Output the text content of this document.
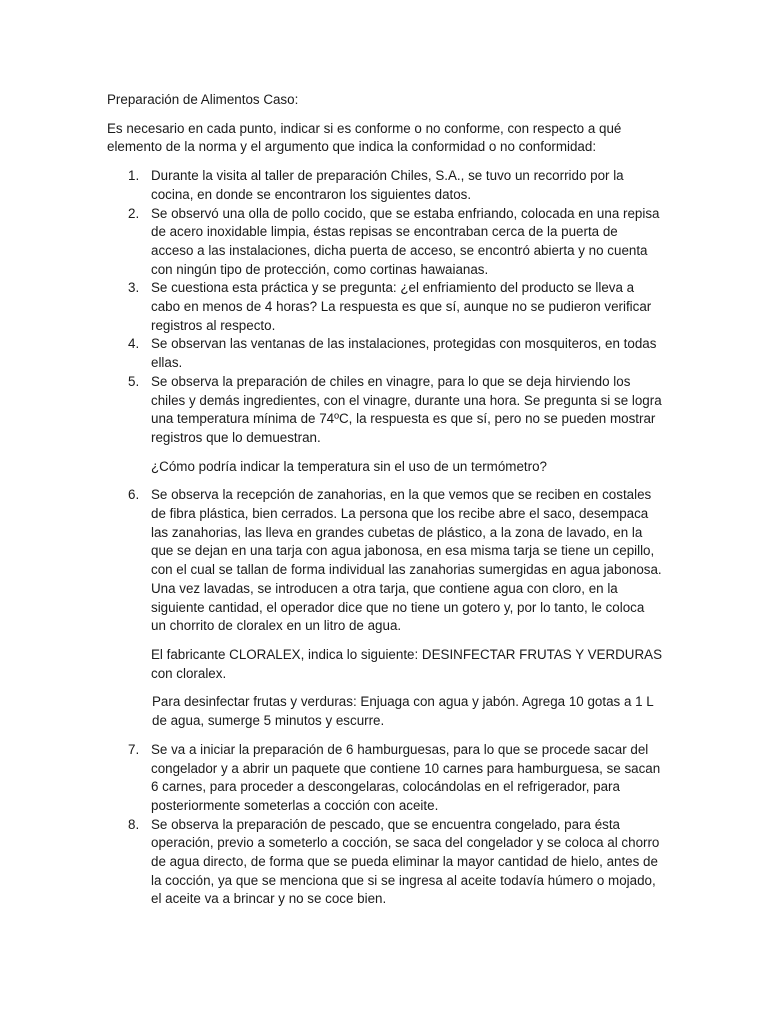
Preparación de Alimentos Caso:

Es necesario en cada punto, indicar si es conforme o no conforme, con respecto a qué elemento de la norma y el argumento que indica la conformidad o no conformidad:

1. Durante la visita al taller de preparación Chiles, S.A., se tuvo un recorrido por la cocina, en donde se encontraron los siguientes datos.
2. Se observó una olla de pollo cocido, que se estaba enfriando, colocada en una repisa de acero inoxidable limpia, éstas repisas se encontraban cerca de la puerta de acceso a las instalaciones, dicha puerta de acceso, se encontró abierta y no cuenta con ningún tipo de protección, como cortinas hawaianas.
3. Se cuestiona esta práctica y se pregunta: ¿el enfriamiento del producto se lleva a cabo en menos de 4 horas? La respuesta es que sí, aunque no se pudieron verificar registros al respecto.
4. Se observan las ventanas de las instalaciones, protegidas con mosquiteros, en todas ellas.
5. Se observa la preparación de chiles en vinagre, para lo que se deja hirviendo los chiles y demás ingredientes, con el vinagre, durante una hora. Se pregunta si se logra una temperatura mínima de 74ºC, la respuesta es que sí, pero no se pueden mostrar registros que lo demuestran.

¿Cómo podría indicar la temperatura sin el uso de un termómetro?

6. Se observa la recepción de zanahorias, en la que vemos que se reciben en costales de fibra plástica, bien cerrados. La persona que los recibe abre el saco, desempaca las zanahorias, las lleva en grandes cubetas de plástico, a la zona de lavado, en la que se dejan en una tarja con agua jabonosa, en esa misma tarja se tiene un cepillo, con el cual se tallan de forma individual las zanahorias sumergidas en agua jabonosa. Una vez lavadas, se introducen a otra tarja, que contiene agua con cloro, en la siguiente cantidad, el operador dice que no tiene un gotero y, por lo tanto, le coloca un chorrito de cloralex en un litro de agua.

El fabricante CLORALEX, indica lo siguiente: DESINFECTAR FRUTAS Y VERDURAS con cloralex.

Para desinfectar frutas y verduras: Enjuaga con agua y jabón. Agrega 10 gotas a 1 L de agua, sumerge 5 minutos y escurre.

7. Se va a iniciar la preparación de 6 hamburguesas, para lo que se procede sacar del congelador y a abrir un paquete que contiene 10 carnes para hamburguesa, se sacan 6 carnes, para proceder a descongelaras, colocándolas en el refrigerador, para posteriormente someterlas a cocción con aceite.
8. Se observa la preparación de pescado, que se encuentra congelado, para ésta operación, previo a someterlo a cocción, se saca del congelador y se coloca al chorro de agua directo, de forma que se pueda eliminar la mayor cantidad de hielo, antes de la cocción, ya que se menciona que si se ingresa al aceite todavía húmero o mojado, el aceite va a brincar y no se coce bien.
